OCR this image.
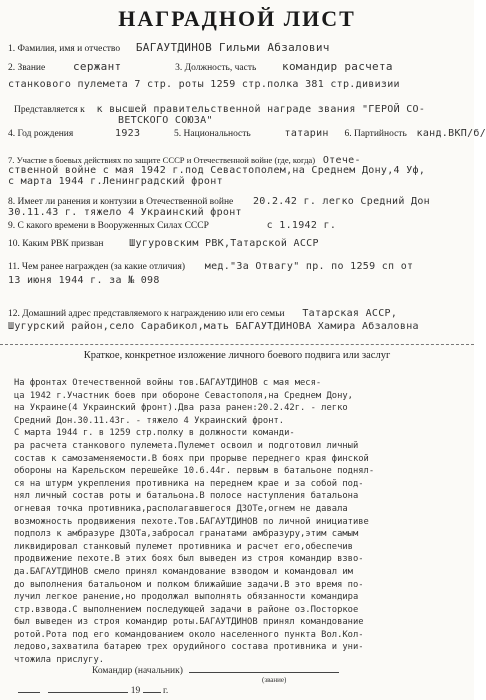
НАГРАДНОЙ ЛИСТ
1. Фамилия, имя и отчество БАГАУТДИНОВ Гильми Абзалович
2. Звание	сержант	3. Должность, часть командир расчета
станкового пулемета 7 стр. роты 1259 стр.полка 381 стр.дивизии
Представляется к к высшей правительственной награде звания "ГЕРОЙ СО-
ВЕТСКОГО СОЮЗА"
4. Год рождения	1923	5. Национальность	татарин 6. Партийность канд.ВКП/б/
7. Участие в боевых действиях по защите СССР и Отечественной войне (где, когда) Отече-
ственной войне с мая 1942 г.под Севастополем,на Среднем Дону,4 Уф,
с марта 1944 г.Ленинградский фронт
8. Имеет ли ранения и контузии в Отечественной войне 20.2.42 г. легко Средний Дон
30.11.43 г. тяжело 4 Украинский фронт
9. С какого времени в Вооруженных Силах СССР	с 1.1942 г.
10. Каким РВК призван	Шугуровским РВК,Татарской АССР
11. Чем ранее награжден (за какие отличия) мед."За Отвагу" пр. по 1259 сп от
13 июня 1944 г. за № 098
12. Домашний адрес представляемого к награждению или его семьи Татарская АССР,
Шугурский район,село Сарабикол,мать БАГАУТДИНОВА Хамира Абзаловна
Краткое, конкретное изложение личного боевого подвига или заслуг
На фронтах Отечественной войны тов.БАГАУТДИНОВ с мая меся-
ца 1942 г.Участник боев при обороне Севастополя,на Среднем Дону,
на Украине(4 Украинский фронт).Два раза ранен:20.2.42г. - легко
Средний Дон.30.11.43г. - тяжело 4 Украинский фронт.
С марта 1944 г. в 1259 стр.полку в должности команди-
ра расчета станкового пулемета.Пулемет освоил и подготовил личный
состав к самозаменяемости.В боях при прорыве переднего края финской
обороны на Карельском перешейке 10.6.44г. первым в батальоне поднял-
ся на штурм укрепления противника на переднем крае и за собой под-
нял личный состав роты и батальона.В полосе наступления батальона
огневая точка противника,располагавшегося ДЗОТе,огнем не давала
возможность продвижения пехоте.Тов.БАГАУТДИНОВ по личной инициативе
подполз к амбразуре ДЗОТа,забросал гранатами амбразуру,этим самым
ликвидировал станковый пулемет противника и расчет его,обеспечив
продвижение пехоте.В этих боях был выведен из строя командир взво-
да.БАГАУТДИНОВ смело принял командование взводом и командовал им
до выполнения батальоном и полком ближайшие задачи.В это время по-
лучил легкое ранение,но продолжал выполнять обязанности командира
стр.взвода.С выполнением последующей задачи в районе оз.Посторкое
был выведен из строя командир роты.БАГАУТДИНОВ принял командование
ротой.Рота под его командованием около населенного пункта Вол.Кол-
ледово,захватила батарею трех орудийного состава противника и уни-
чтожила прислугу.
Командир (начальник)
(звание)
19 г.
